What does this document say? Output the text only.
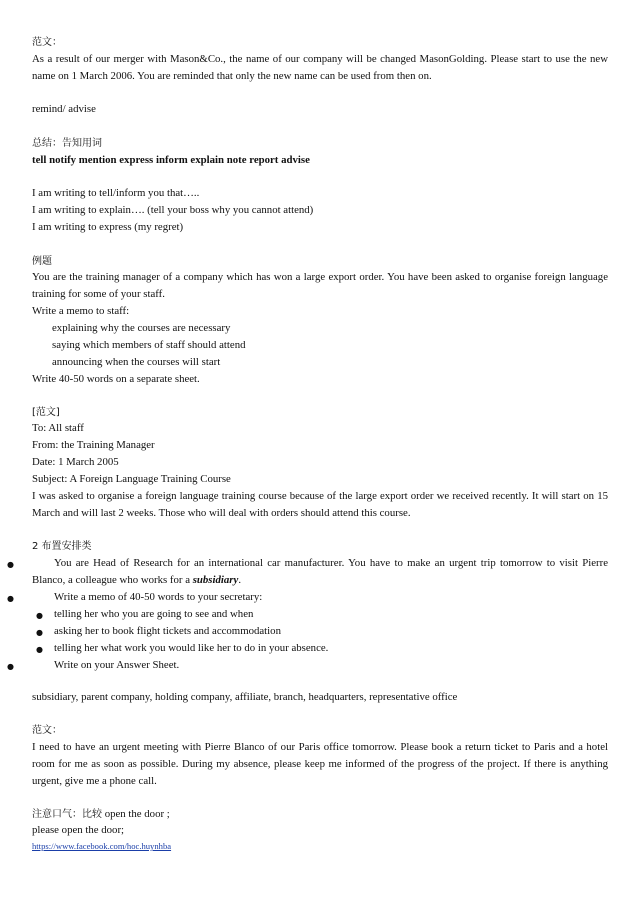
范文：
As a result of our merger with Mason&Co., the name of our company will be changed MasonGolding. Please start to use the new name on 1 March 2006. You are reminded that only the new name can be used from then on.
remind/ advise
总结：告知用词
tell notify mention express inform explain note report advise
I am writing to tell/inform you that…..
I am writing to explain…. (tell your boss why you cannot attend)
I am writing to express (my regret)
例题
You are the training manager of a company which has won a large export order. You have been asked to organise foreign language training for some of your staff.
Write a memo to staff:
explaining why the courses are necessary
saying which members of staff should attend
announcing when the courses will start
Write 40-50 words on a separate sheet.
[范文]
To: All staff
From: the Training Manager
Date: 1 March 2005
Subject: A Foreign Language Training Course
I was asked to organise a foreign language training course because of the large export order we received recently. It will start on 15 March and will last 2 weeks. Those who will deal with orders should attend this course.
2 布置安排类
●	You are Head of Research for an international car manufacturer. You have to make an urgent trip tomorrow to visit Pierre Blanco, a colleague who works for a subsidiary.
●	Write a memo of 40-50 words to your secretary:
● telling her who you are going to see and when
● asking her to book flight tickets and accommodation
● telling her what work you would like her to do in your absence.
●	Write on your Answer Sheet.
subsidiary, parent company, holding company, affiliate, branch, headquarters, representative office
范文：
I need to have an urgent meeting with Pierre Blanco of our Paris office tomorrow. Please book a return ticket to Paris and a hotel room for me as soon as possible. During my absence, please keep me informed of the progress of the project. If there is anything urgent, give me a phone call.
注意口气：比较 open the door ;
please open the door;
https://www.facebook.com/hoc.huynhba
